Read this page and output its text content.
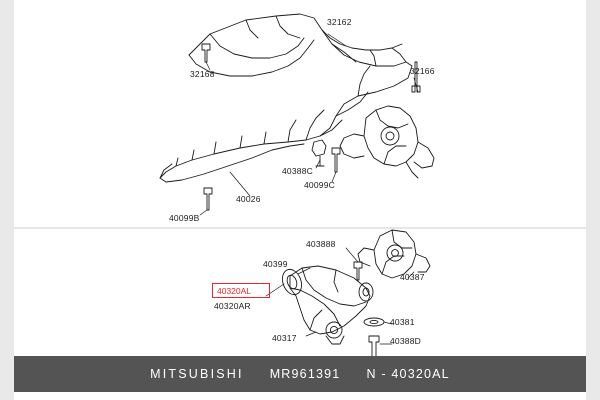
32162
32168	32166
40388C
40099C
40026
40099B
403888
40399
40387
40381
40388D
40317
40320AL
40320AR
MITSUBISHI MR961391 N - 40320AL
